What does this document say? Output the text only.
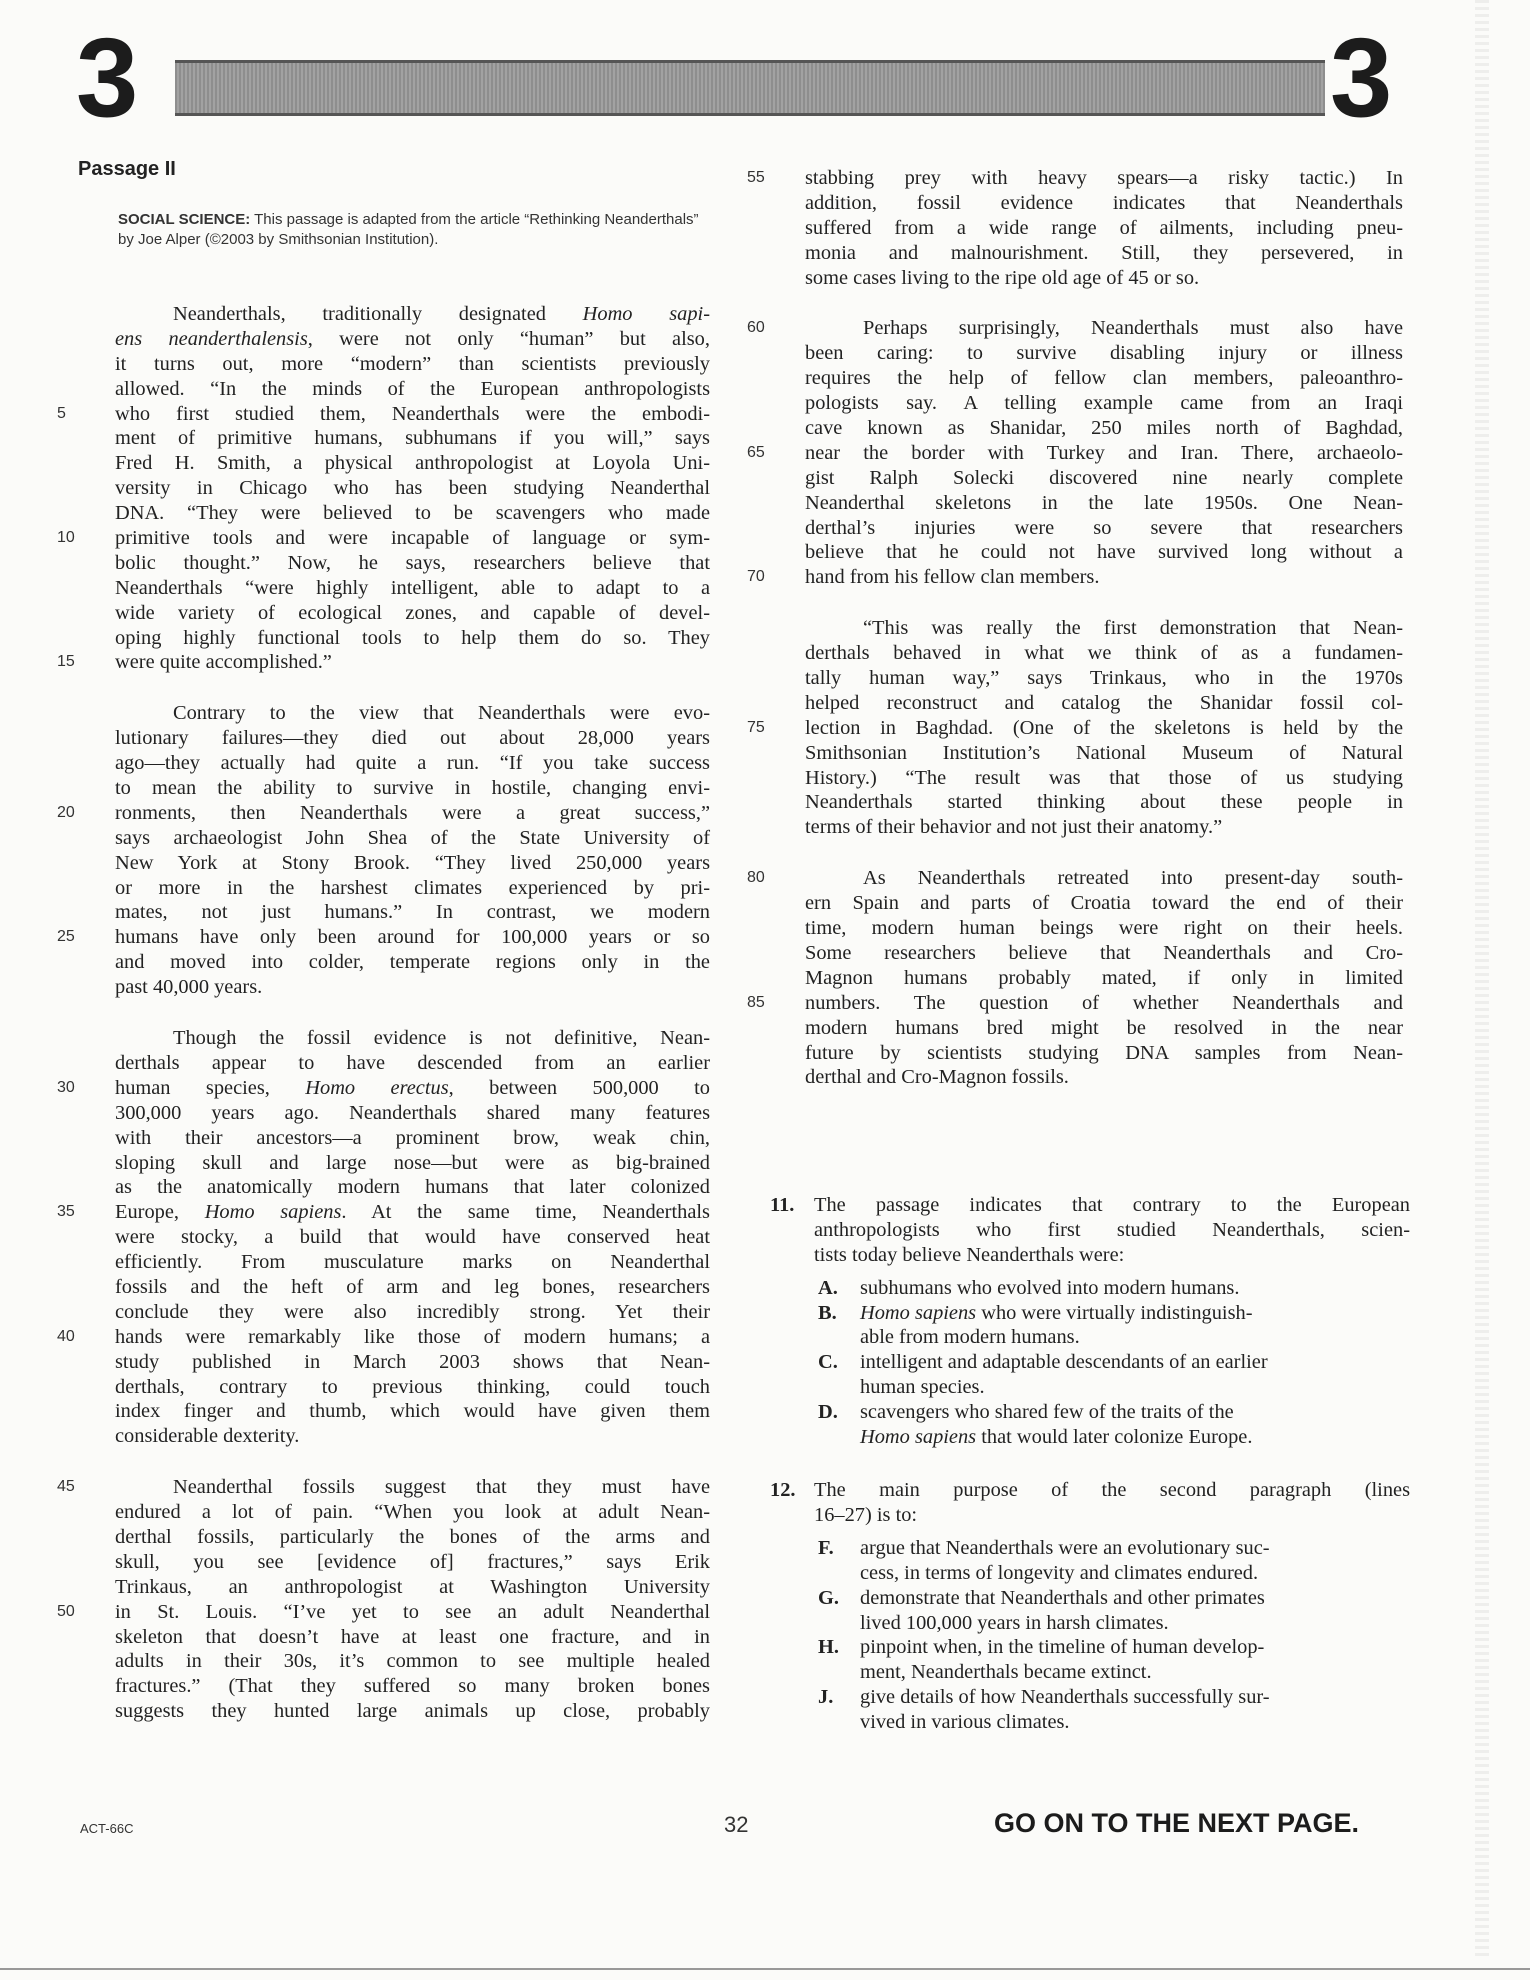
3	3
Passage II
SOCIAL SCIENCE: This passage is adapted from the article “Rethinking Neanderthals” by Joe Alper (©2003 by Smithsonian Institution).
Neanderthals, traditionally designated Homo sapi-
ens neanderthalensis, were not only “human” but also,
it turns out, more “modern” than scientists previously
allowed. “In the minds of the European anthropologists
5	who first studied them, Neanderthals were the embodi-
ment of primitive humans, subhumans if you will,” says
Fred H. Smith, a physical anthropologist at Loyola Uni-
versity in Chicago who has been studying Neanderthal
DNA. “They were believed to be scavengers who made
10	primitive tools and were incapable of language or sym-
bolic thought.” Now, he says, researchers believe that
Neanderthals “were highly intelligent, able to adapt to a
wide variety of ecological zones, and capable of devel-
oping highly functional tools to help them do so. They
15	were quite accomplished.”
Contrary to the view that Neanderthals were evo-
lutionary failures—they died out about 28,000 years
ago—they actually had quite a run. “If you take success
to mean the ability to survive in hostile, changing envi-
20	ronments, then Neanderthals were a great success,”
says archaeologist John Shea of the State University of
New York at Stony Brook. “They lived 250,000 years
or more in the harshest climates experienced by pri-
mates, not just humans.” In contrast, we modern
25	humans have only been around for 100,000 years or so
and moved into colder, temperate regions only in the
past 40,000 years.
Though the fossil evidence is not definitive, Nean-
derthals appear to have descended from an earlier
30	human species, Homo erectus, between 500,000 to
300,000 years ago. Neanderthals shared many features
with their ancestors—a prominent brow, weak chin,
sloping skull and large nose—but were as big-brained
as the anatomically modern humans that later colonized
35	Europe, Homo sapiens. At the same time, Neanderthals
were stocky, a build that would have conserved heat
efficiently. From musculature marks on Neanderthal
fossils and the heft of arm and leg bones, researchers
conclude they were also incredibly strong. Yet their
40	hands were remarkably like those of modern humans; a
study published in March 2003 shows that Nean-
derthals, contrary to previous thinking, could touch
index finger and thumb, which would have given them
considerable dexterity.
45	Neanderthal fossils suggest that they must have
endured a lot of pain. “When you look at adult Nean-
derthal fossils, particularly the bones of the arms and
skull, you see [evidence of] fractures,” says Erik
Trinkaus, an anthropologist at Washington University
50	in St. Louis. “I’ve yet to see an adult Neanderthal
skeleton that doesn’t have at least one fracture, and in
adults in their 30s, it’s common to see multiple healed
fractures.” (That they suffered so many broken bones
suggests they hunted large animals up close, probably
55	stabbing prey with heavy spears—a risky tactic.) In
addition, fossil evidence indicates that Neanderthals
suffered from a wide range of ailments, including pneu-
monia and malnourishment. Still, they persevered, in
some cases living to the ripe old age of 45 or so.
60	Perhaps surprisingly, Neanderthals must also have
been caring: to survive disabling injury or illness
requires the help of fellow clan members, paleoanthro-
pologists say. A telling example came from an Iraqi
cave known as Shanidar, 250 miles north of Baghdad,
65	near the border with Turkey and Iran. There, archaeolo-
gist Ralph Solecki discovered nine nearly complete
Neanderthal skeletons in the late 1950s. One Nean-
derthal’s injuries were so severe that researchers
believe that he could not have survived long without a
70	hand from his fellow clan members.
“This was really the first demonstration that Nean-
derthals behaved in what we think of as a fundamen-
tally human way,” says Trinkaus, who in the 1970s
helped reconstruct and catalog the Shanidar fossil col-
75	lection in Baghdad. (One of the skeletons is held by the
Smithsonian Institution’s National Museum of Natural
History.) “The result was that those of us studying
Neanderthals started thinking about these people in
terms of their behavior and not just their anatomy.”
80	As Neanderthals retreated into present-day south-
ern Spain and parts of Croatia toward the end of their
time, modern human beings were right on their heels.
Some researchers believe that Neanderthals and Cro-
Magnon humans probably mated, if only in limited
85	numbers. The question of whether Neanderthals and
modern humans bred might be resolved in the near
future by scientists studying DNA samples from Nean-
derthal and Cro-Magnon fossils.
11. The passage indicates that contrary to the European
anthropologists who first studied Neanderthals, scien-
tists today believe Neanderthals were:
A. subhumans who evolved into modern humans.
B. Homo sapiens who were virtually indistinguish-
able from modern humans.
C. intelligent and adaptable descendants of an earlier
human species.
D. scavengers who shared few of the traits of the
Homo sapiens that would later colonize Europe.
12. The main purpose of the second paragraph (lines
16–27) is to:
F. argue that Neanderthals were an evolutionary suc-
cess, in terms of longevity and climates endured.
G. demonstrate that Neanderthals and other primates
lived 100,000 years in harsh climates.
H. pinpoint when, in the timeline of human develop-
ment, Neanderthals became extinct.
J. give details of how Neanderthals successfully sur-
vived in various climates.
ACT-66C	32	GO ON TO THE NEXT PAGE.
